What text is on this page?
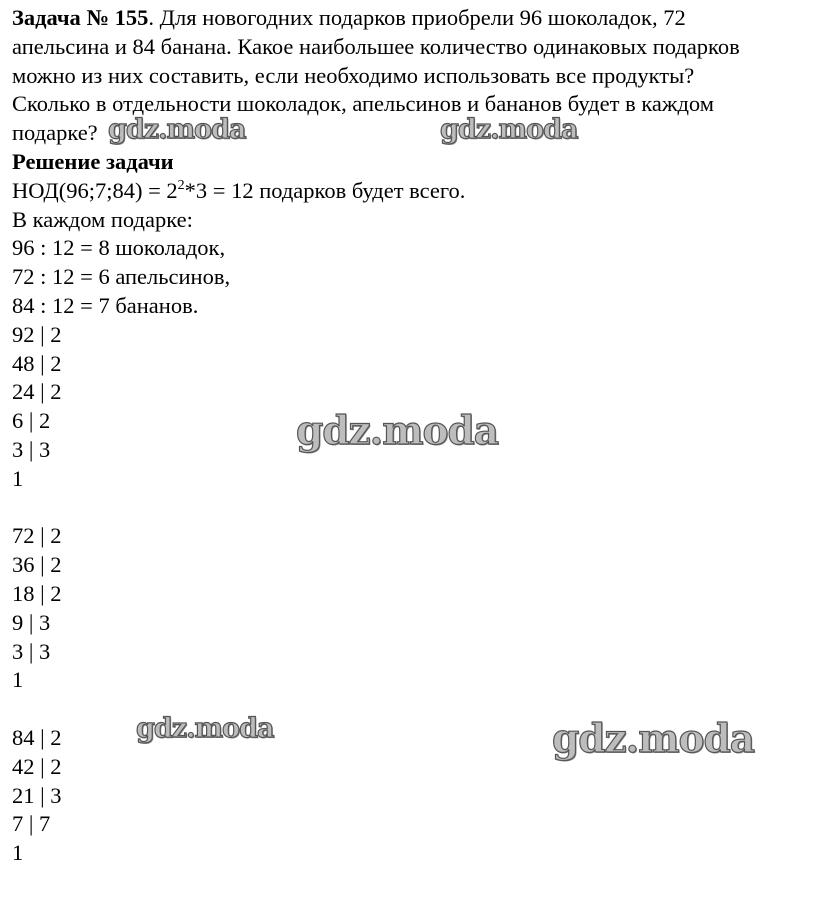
Задача № 155. Для новогодних подарков приобрели 96 шоколадок, 72
апельсина и 84 банана. Какое наибольшее количество одинаковых подарков
можно из них составить, если необходимо использовать все продукты?
Сколько в отдельности шоколадок, апельсинов и бананов будет в каждом
подарке?

Решение задачи
НОД(96;7;84) = $2^2*3 = 12$ подарков будет всего.
В каждом подарке:
96 : 12 = 8 шоколадок,
72 : 12 = 6 апельсинов,
84 : 12 = 7 бананов.
92 | 2
48 | 2
24 | 2
6 | 2
3 | 3
1
72 | 2
36 | 2
18 | 2
9 | 3
3 | 3
1
84 | 2
42 | 2
21 | 3
7 | 7
1
gdz.moda	gdz.moda
gdz.moda
gdz.moda	gdz.moda
